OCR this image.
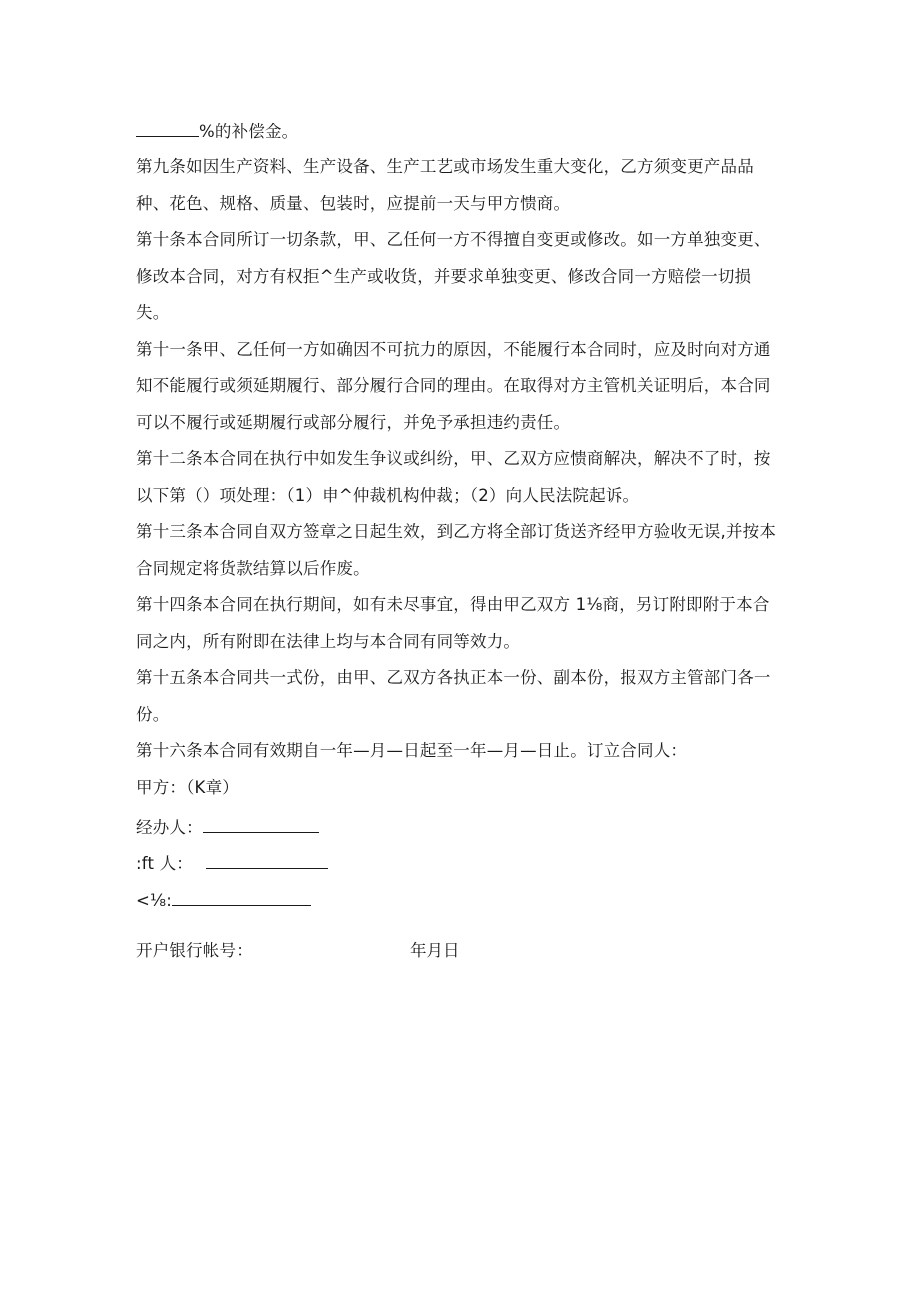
%的补偿金。
第九条如因生产资料、生产设备、生产工艺或市场发生重大变化，乙方须变更产品品
种、花色、规格、质量、包装时，应提前一天与甲方愦商。
第十条本合同所订一切条款，甲、乙任何一方不得擅自变更或修改。如一方单独变更、
修改本合同，对方有权拒^生产或收货，并要求单独变更、修改合同一方赔偿一切损
失。
第十一条甲、乙任何一方如确因不可抗力的原因，不能履行本合同时，应及时向对方通
知不能履行或须延期履行、部分履行合同的理由。在取得对方主管机关证明后，本合同
可以不履行或延期履行或部分履行，并免予承担违约责任。
第十二条本合同在执行中如发生争议或纠纷，甲、乙双方应愦商解决，解决不了时，按
以下第（）项处理：（1）申^仲裁机构仲裁；（2）向人民法院起诉。
第十三条本合同自双方签章之日起生效，到乙方将全部订货送齐经甲方验收无误,并按本
合同规定将货款结算以后作废。
第十四条本合同在执行期间，如有未尽事宜，得由甲乙双方 1⅛商，另订附即附于本合
同之内，所有附即在法律上均与本合同有同等效力。
第十五条本合同共一式份，由甲、乙双方各执正本一份、副本份，报双方主管部门各一
份。
第十六条本合同有效期自一年—月—日起至一年—月—日止。订立合同人：
甲方：（K章）
经办人：
:ft 人：
<⅛:
开户银行帐号：	年月日
